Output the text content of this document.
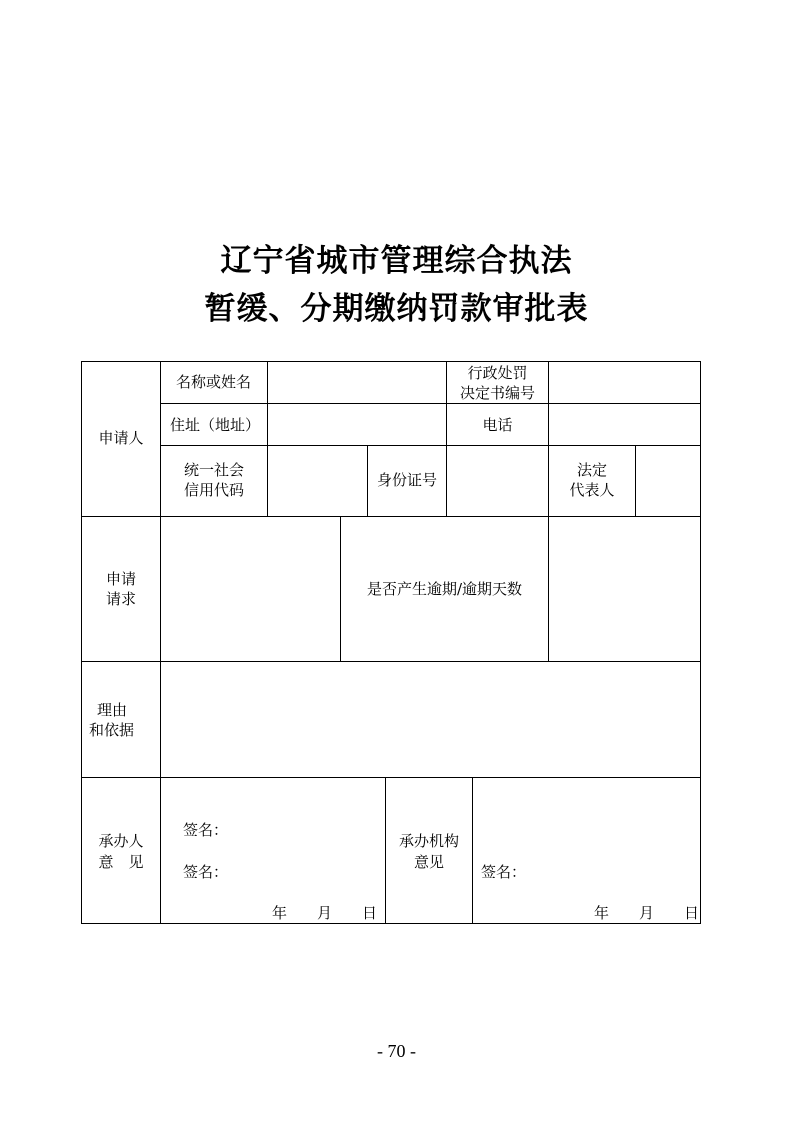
辽宁省城市管理综合执法
暂缓、分期缴纳罚款审批表
申请人
名称或姓名	行政处罚
决定书编号
住址（地址）	电话
统一社会
信用代码
身份证号
法定
代表人
申请
请求
是否产生逾期/逾期天数
理由
和依据
承办人
意　见
签名：
签名：
年　　月　　日
承办机构
意见
签名：
年　　月　　日
- 70 -
